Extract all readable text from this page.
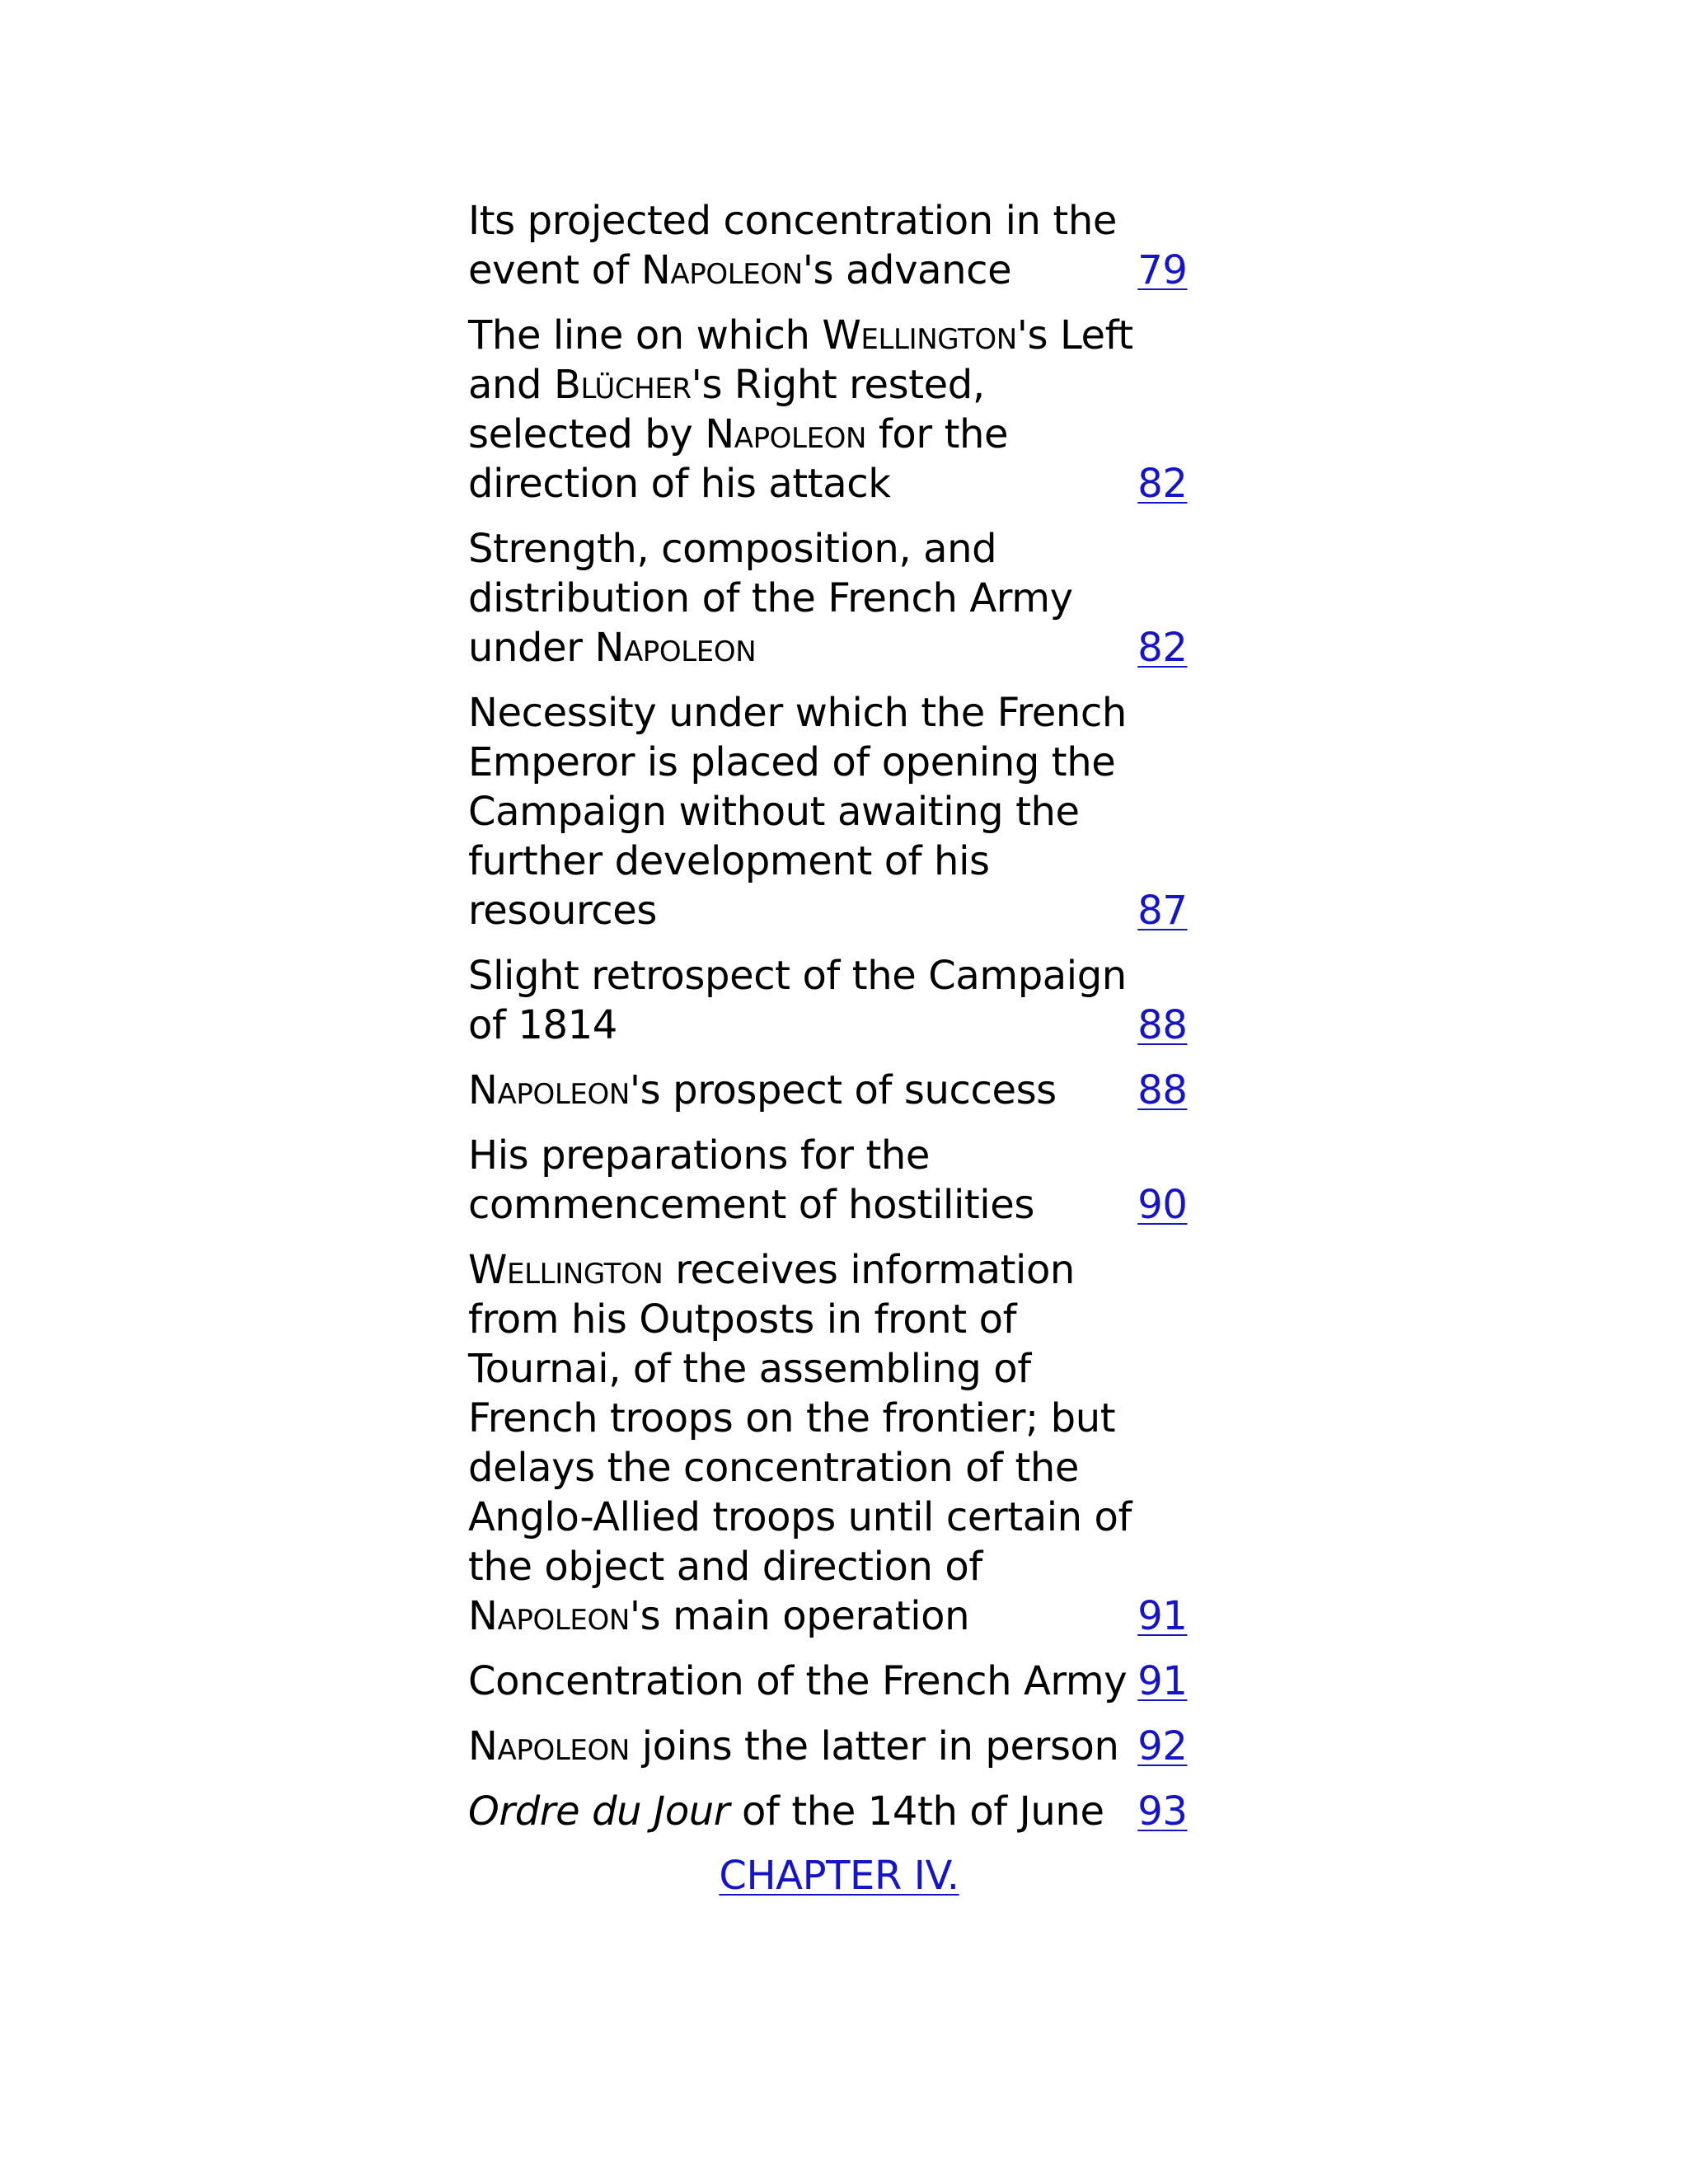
Its projected concentration in the event of Napoleon's advance	79
The line on which Wellington's Left and Blücher's Right rested, selected by Napoleon for the direction of his attack	82
Strength, composition, and distribution of the French Army under Napoleon	82
Necessity under which the French Emperor is placed of opening the Campaign without awaiting the further development of his resources	87
Slight retrospect of the Campaign of 1814	88
Napoleon's prospect of success	88
His preparations for the commencement of hostilities	90
Wellington receives information from his Outposts in front of Tournai, of the assembling of French troops on the frontier; but delays the concentration of the Anglo-Allied troops until certain of the object and direction of Napoleon's main operation	91
Concentration of the French Army 91
Napoleon joins the latter in person 92
Ordre du Jour of the 14th of June 93
CHAPTER IV.
